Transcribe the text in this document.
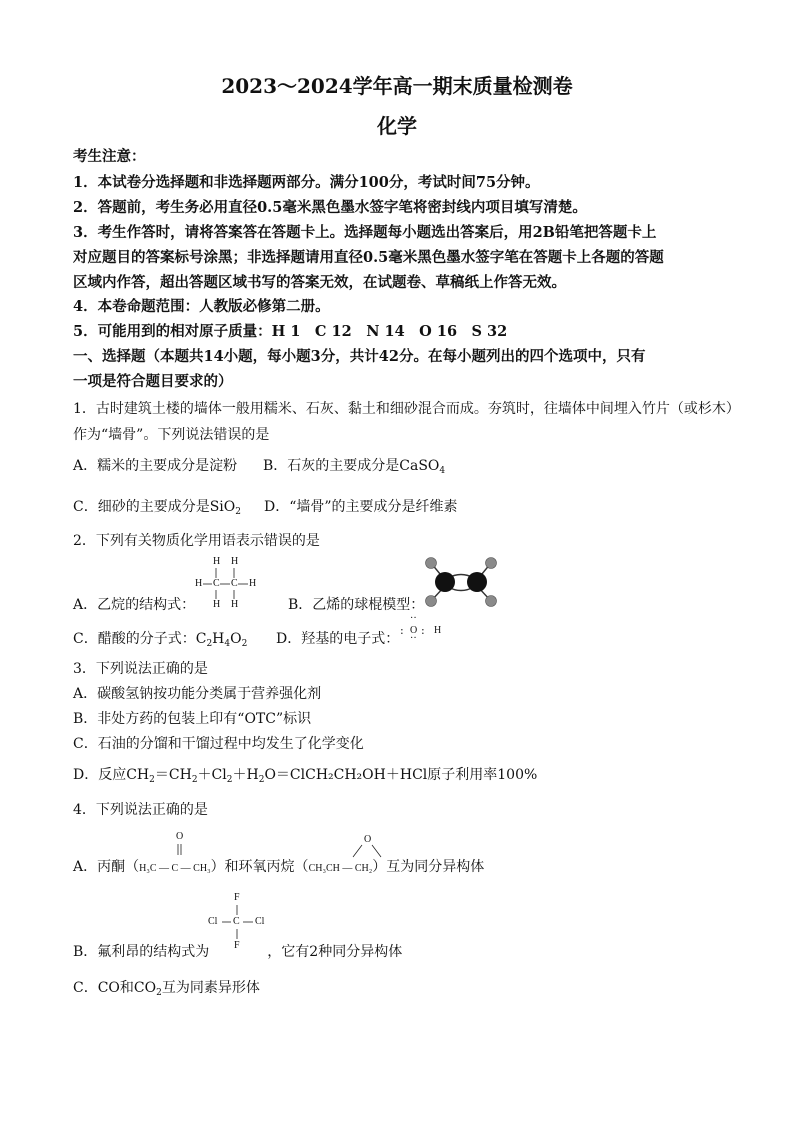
2023～2024学年高一期末质量检测卷
化学
考生注意：
1．本试卷分选择题和非选择题两部分。满分100分，考试时间75分钟。
2．答题前，考生务必用直径0.5毫米黑色墨水签字笔将密封线内项目填写清楚。
3．考生作答时，请将答案答在答题卡上。选择题每小题选出答案后，用2B铅笔把答题卡上
对应题目的答案标号涂黑；非选择题请用直径0.5毫米黑色墨水签字笔在答题卡上各题的答题
区域内作答，超出答题区域书写的答案无效，在试题卷、草稿纸上作答无效。
4．本卷命题范围：人教版必修第二册。
5．可能用到的相对原子质量：H 1　C 12　N 14　O 16　S 32
一、选择题（本题共14小题，每小题3分，共计42分。在每小题列出的四个选项中，只有
一项是符合题目要求的）
1．古时建筑土楼的墙体一般用糯米、石灰、黏土和细砂混合而成。夯筑时，往墙体中间埋入竹片（或杉木）
作为“墙骨”。下列说法错误的是
A．糯米的主要成分是淀粉 B．石灰的主要成分是CaSO$_4$
C．细砂的主要成分是SiO$_2$ D．“墙骨”的主要成分是纤维素
2．下列有关物质化学用语表示错误的是
A．乙烷的结构式：
H H
H C C H
H H	B．乙烯的球棍模型：
C．醋酸的分子式：$C_2H_4O_2$ D．羟基的电子式：
··
: O : H
··
3．下列说法正确的是
A．碳酸氢钠按功能分类属于营养强化剂
B．非处方药的包装上印有“OTC”标识
C．石油的分馏和干馏过程中均发生了化学变化
D．反应$CH_2=CH_2+Cl_2+H_2O=ClCH_2CH_2OH+HCl$原子利用率100%
4．下列说法正确的是
O	O
A．丙酮（H₃C — C — CH₃）和环氧丙烷（CH₃CH — CH₂）互为同分异构体
F
Cl C Cl
F
B．氟利昂的结构式为	，它有2种同分异构体
C．CO和$CO_2$互为同素异形体
